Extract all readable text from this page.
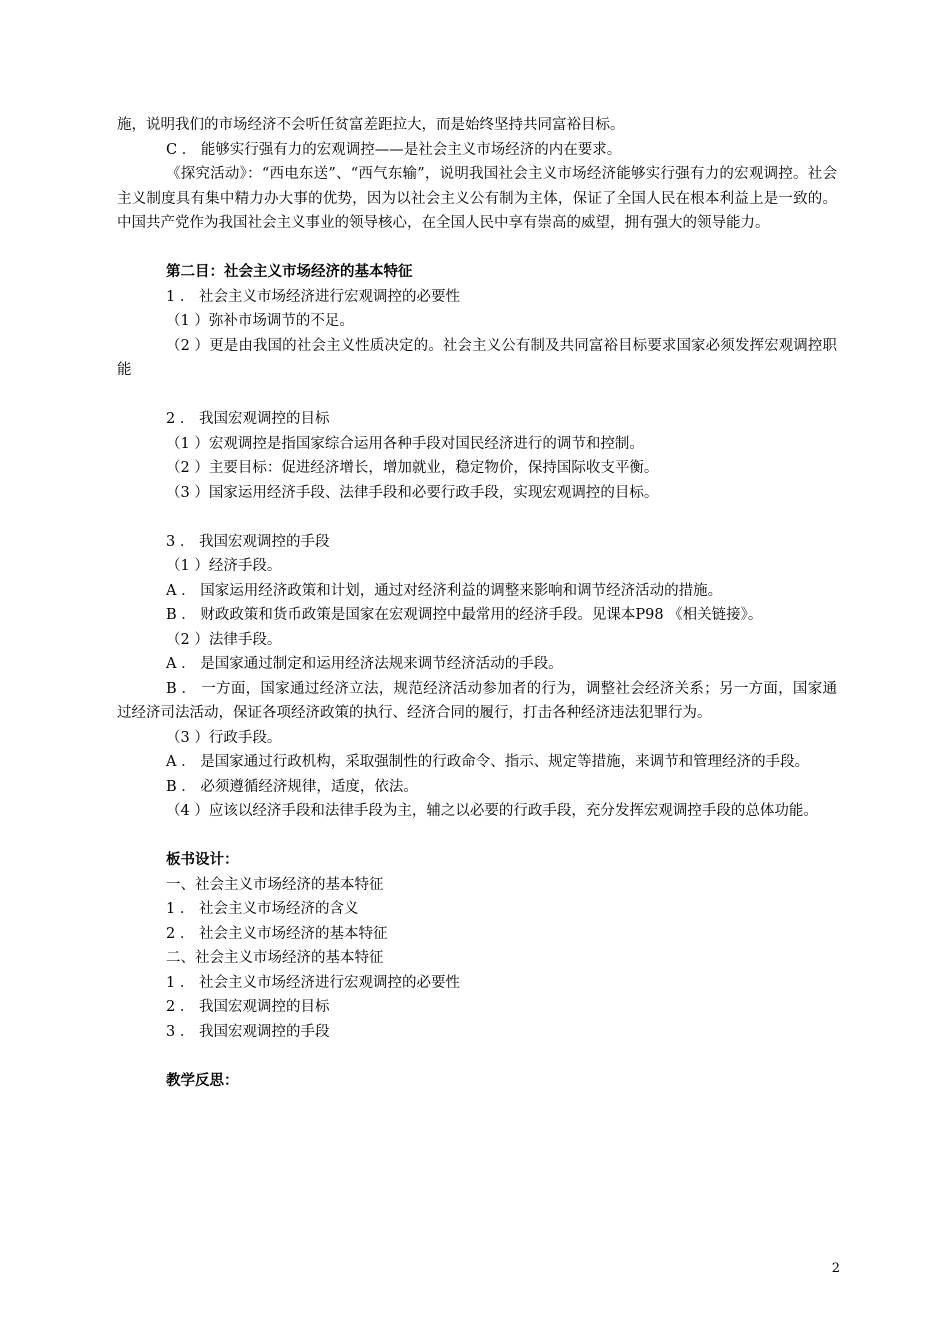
施，说明我们的市场经济不会听任贫富差距拉大，而是始终坚持共同富裕目标。

C ． 能够实行强有力的宏观调控——是社会主义市场经济的内在要求。

《探究活动》：“西电东送”、“西气东输”，说明我国社会主义市场经济能够实行强有力的宏观调控。社会主义制度具有集中精力办大事的优势，因为以社会主义公有制为主体，保证了全国人民在根本利益上是一致的。中国共产党作为我国社会主义事业的领导核心，在全国人民中享有崇高的威望，拥有强大的领导能力。

第二目：社会主义市场经济的基本特征

1 ． 社会主义市场经济进行宏观调控的必要性

（1 ）弥补市场调节的不足。

（2 ）更是由我国的社会主义性质决定的。社会主义公有制及共同富裕目标要求国家必须发挥宏观调控职能

2 ． 我国宏观调控的目标

（1 ）宏观调控是指国家综合运用各种手段对国民经济进行的调节和控制。

（2 ）主要目标：促进经济增长，增加就业，稳定物价，保持国际收支平衡。

（3 ）国家运用经济手段、法律手段和必要行政手段，实现宏观调控的目标。

3 ． 我国宏观调控的手段

（1 ）经济手段。

A ． 国家运用经济政策和计划，通过对经济利益的调整来影响和调节经济活动的措施。

B ． 财政政策和货币政策是国家在宏观调控中最常用的经济手段。见课本P98 《相关链接》。

（2 ）法律手段。

A ． 是国家通过制定和运用经济法规来调节经济活动的手段。

B ． 一方面，国家通过经济立法，规范经济活动参加者的行为，调整社会经济关系；另一方面，国家通过经济司法活动，保证各项经济政策的执行、经济合同的履行，打击各种经济违法犯罪行为。

（3 ）行政手段。

A ． 是国家通过行政机构，采取强制性的行政命令、指示、规定等措施，来调节和管理经济的手段。

B ． 必须遵循经济规律，适度，依法。

（4 ）应该以经济手段和法律手段为主，辅之以必要的行政手段，充分发挥宏观调控手段的总体功能。

板书设计：

一、社会主义市场经济的基本特征

1 ． 社会主义市场经济的含义

2 ． 社会主义市场经济的基本特征

二、社会主义市场经济的基本特征

1 ． 社会主义市场经济进行宏观调控的必要性

2 ． 我国宏观调控的目标

3 ． 我国宏观调控的手段

教学反思：

2
